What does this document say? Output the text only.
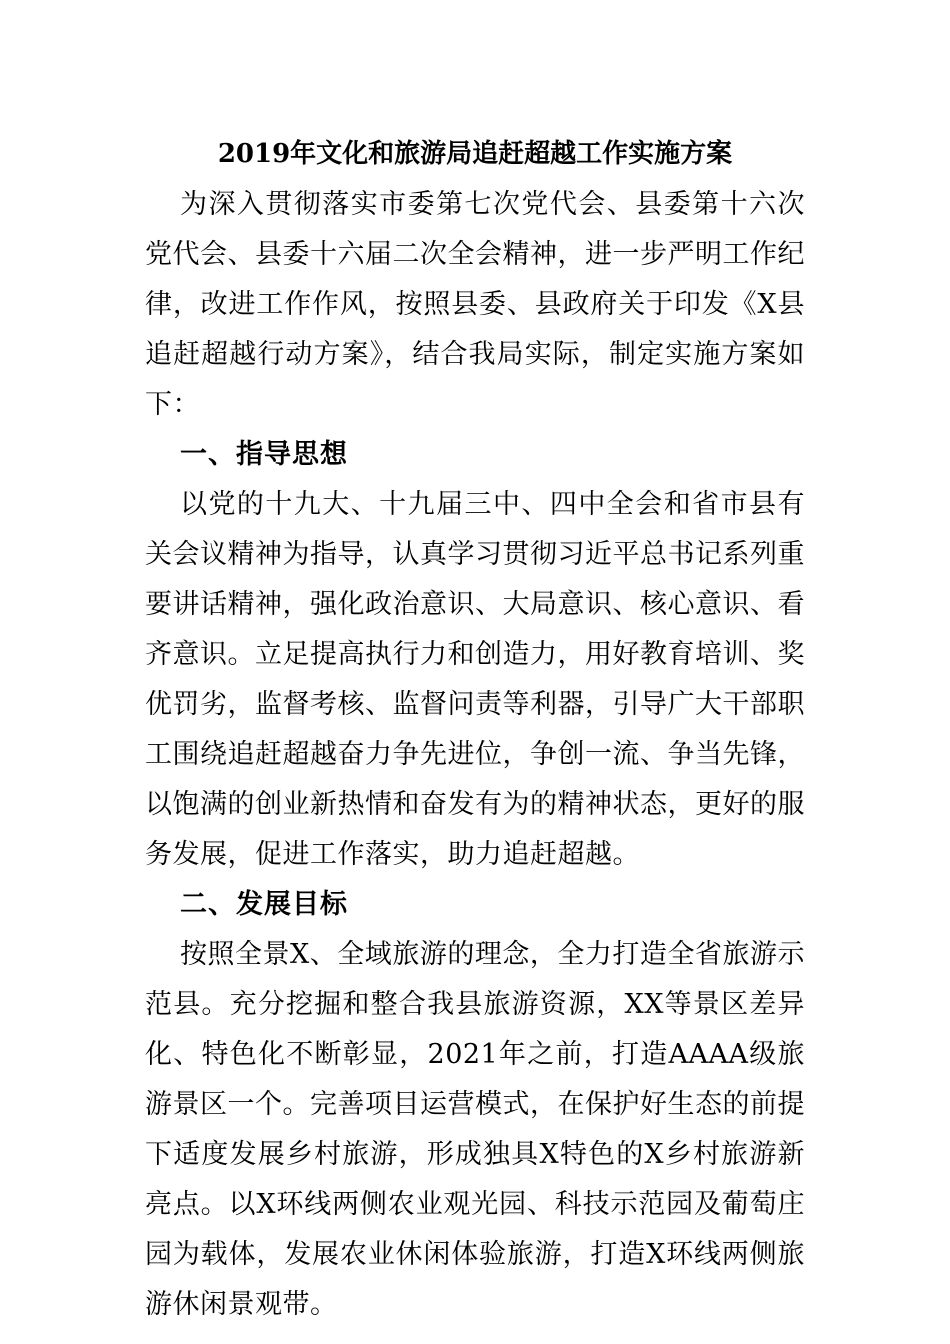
2019年文化和旅游局追赶超越工作实施方案

为深入贯彻落实市委第七次党代会、县委第十六次党代会、县委十六届二次全会精神，进一步严明工作纪律，改进工作作风，按照县委、县政府关于印发《X县追赶超越行动方案》，结合我局实际，制定实施方案如下：

一、指导思想

以党的十九大、十九届三中、四中全会和省市县有关会议精神为指导，认真学习贯彻习近平总书记系列重要讲话精神，强化政治意识、大局意识、核心意识、看齐意识。立足提高执行力和创造力，用好教育培训、奖优罚劣，监督考核、监督问责等利器，引导广大干部职工围绕追赶超越奋力争先进位，争创一流、争当先锋，以饱满的创业新热情和奋发有为的精神状态，更好的服务发展，促进工作落实，助力追赶超越。

二、发展目标

按照全景X、全域旅游的理念，全力打造全省旅游示范县。充分挖掘和整合我县旅游资源，XX等景区差异化、特色化不断彰显，2021年之前，打造AAAA级旅游景区一个。完善项目运营模式，在保护好生态的前提下适度发展乡村旅游，形成独具X特色的X乡村旅游新亮点。以X环线两侧农业观光园、科技示范园及葡萄庄园为载体，发展农业休闲体验旅游，打造X环线两侧旅游休闲景观带。
